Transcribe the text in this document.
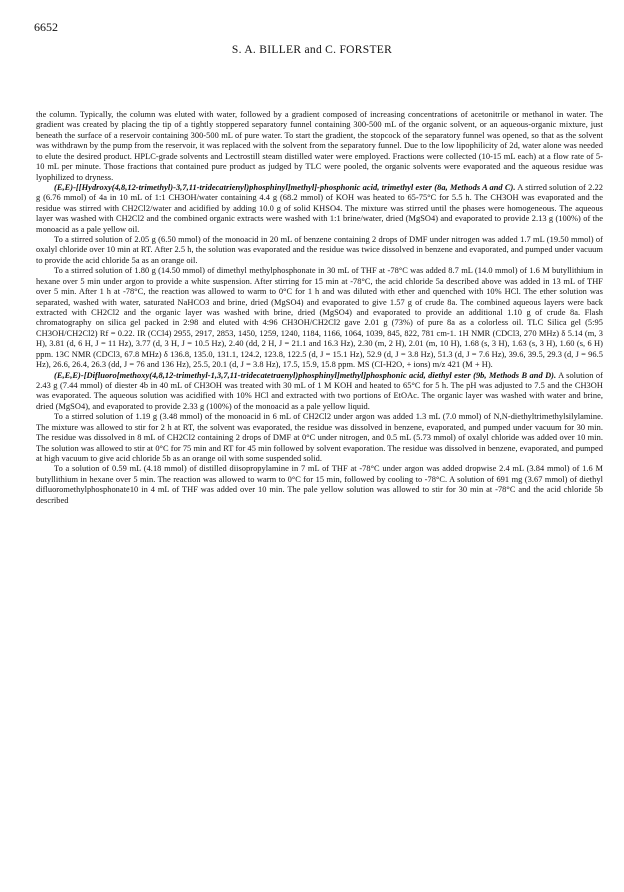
6652
S. A. BILLER and C. FORSTER

the column. Typically, the column was eluted with water, followed by a gradient composed of increasing concentrations of acetonitrile or methanol in water. The gradient was created by placing the tip of a tightly stoppered separatory funnel containing 300-500 mL of the organic solvent, or an aqueous-organic mixture, just beneath the surface of a reservoir containing 300-500 mL of pure water. To start the gradient, the stopcock of the separatory funnel was opened, so that as the solvent was withdrawn by the pump from the reservoir, it was replaced with the solvent from the separatory funnel. Due to the low lipophilicity of 2d, water alone was needed to elute the desired product. HPLC-grade solvents and Lectrostill steam distilled water were employed. Fractions were collected (10-15 mL each) at a flow rate of 5-10 mL per minute. Those fractions that contained pure product as judged by TLC were pooled, the organic solvents were evaporated and the aqueous residue was lyophilized to dryness.

(E,E)-[[Hydroxy(4,8,12-trimethyl)-3,7,11-tridecatrienyl)phosphinyl]methyl]-phosphonic acid, trimethyl ester (8a, Methods A and C). A stirred solution of 2.22 g (6.76 mmol) of 4a in 10 mL of 1:1 CH3OH/water containing 4.4 g (68.2 mmol) of KOH was heated to 65-75°C for 5.5 h. The CH3OH was evaporated and the residue was stirred with CH2Cl2/water and acidified by adding 10.0 g of solid KHSO4. The mixture was stirred until the phases were homogeneous. The aqueous layer was washed with CH2Cl2 and the combined organic extracts were washed with 1:1 brine/water, dried (MgSO4) and evaporated to provide 2.13 g (100%) of the monoacid as a pale yellow oil.

To a stirred solution of 2.05 g (6.50 mmol) of the monoacid in 20 mL of benzene containing 2 drops of DMF under nitrogen was added 1.7 mL (19.50 mmol) of oxalyl chloride over 10 min at RT. After 2.5 h, the solution was evaporated and the residue was twice dissolved in benzene and evaporated, and pumped under vacuum to provide the acid chloride 5a as an orange oil.

To a stirred solution of 1.80 g (14.50 mmol) of dimethyl methylphosphonate in 30 mL of THF at -78°C was added 8.7 mL (14.0 mmol) of 1.6 M butyllithium in hexane over 5 min under argon to provide a white suspension. After stirring for 15 min at -78°C, the acid chloride 5a described above was added in 13 mL of THF over 5 min. After 1 h at -78°C, the reaction was allowed to warm to 0°C for 1 h and was diluted with ether and quenched with 10% HCl. The ether solution was separated, washed with water, saturated NaHCO3 and brine, dried (MgSO4) and evaporated to give 1.57 g of crude 8a. The combined aqueous layers were back extracted with CH2Cl2 and the organic layer was washed with brine, dried (MgSO4) and evaporated to provide an additional 1.10 g of crude 8a. Flash chromatography on silica gel packed in 2:98 and eluted with 4:96 CH3OH/CH2Cl2 gave 2.01 g (73%) of pure 8a as a colorless oil. TLC Silica gel (5:95 CH3OH/CH2Cl2) Rf = 0.22. IR (CCl4) 2955, 2917, 2853, 1450, 1259, 1240, 1184, 1166, 1064, 1039, 845, 822, 781 cm-1. 1H NMR (CDCl3, 270 MHz) δ 5.14 (m, 3 H), 3.81 (d, 6 H, J = 11 Hz), 3.77 (d, 3 H, J = 10.5 Hz), 2.40 (dd, 2 H, J = 21.1 and 16.3 Hz), 2.30 (m, 2 H), 2.01 (m, 10 H), 1.68 (s, 3 H), 1.63 (s, 3 H), 1.60 (s, 6 H) ppm. 13C NMR (CDCl3, 67.8 MHz) δ 136.8, 135.0, 131.1, 124.2, 123.8, 122.5 (d, J = 15.1 Hz), 52.9 (d, J = 3.8 Hz), 51.3 (d, J = 7.6 Hz), 39.6, 39.5, 29.3 (d, J = 96.5 Hz), 26.6, 26.4, 26.3 (dd, J = 76 and 136 Hz), 25.5, 20.1 (d, J = 3.8 Hz), 17.5, 15.9, 15.8 ppm. MS (CI-H2O, + ions) m/z 421 (M + H).

(E,E,E)-[Difluoro[methoxy(4,8,12-trimethyl-1,3,7,11-tridecatetraenyl)phosphinyl]methyl]phosphonic acid, diethyl ester (9b, Methods B and D). A solution of 2.43 g (7.44 mmol) of diester 4b in 40 mL of CH3OH was treated with 30 mL of 1 M KOH and heated to 65°C for 5 h. The pH was adjusted to 7.5 and the CH3OH was evaporated. The aqueous solution was acidified with 10% HCl and extracted with two portions of EtOAc. The organic layer was washed with water and brine, dried (MgSO4), and evaporated to provide 2.33 g (100%) of the monoacid as a pale yellow liquid.

To a stirred solution of 1.19 g (3.48 mmol) of the monoacid in 6 mL of CH2Cl2 under argon was added 1.3 mL (7.0 mmol) of N,N-diethyltrimethylsilylamine. The mixture was allowed to stir for 2 h at RT, the solvent was evaporated, the residue was dissolved in benzene, evaporated, and pumped under vacuum for 30 min. The residue was dissolved in 8 mL of CH2Cl2 containing 2 drops of DMF at 0°C under nitrogen, and 0.5 mL (5.73 mmol) of oxalyl chloride was added over 10 min. The solution was allowed to stir at 0°C for 75 min and RT for 45 min followed by solvent evaporation. The residue was dissolved in benzene, evaporated, and pumped at high vacuum to give acid chloride 5b as an orange oil with some suspended solid.

To a solution of 0.59 mL (4.18 mmol) of distilled diisopropylamine in 7 mL of THF at -78°C under argon was added dropwise 2.4 mL (3.84 mmol) of 1.6 M butyllithium in hexane over 5 min. The reaction was allowed to warm to 0°C for 15 min, followed by cooling to -78°C. A solution of 691 mg (3.67 mmol) of diethyl difluoromethylphosphonate10 in 4 mL of THF was added over 10 min. The pale yellow solution was allowed to stir for 30 min at -78°C and the acid chloride 5b described
